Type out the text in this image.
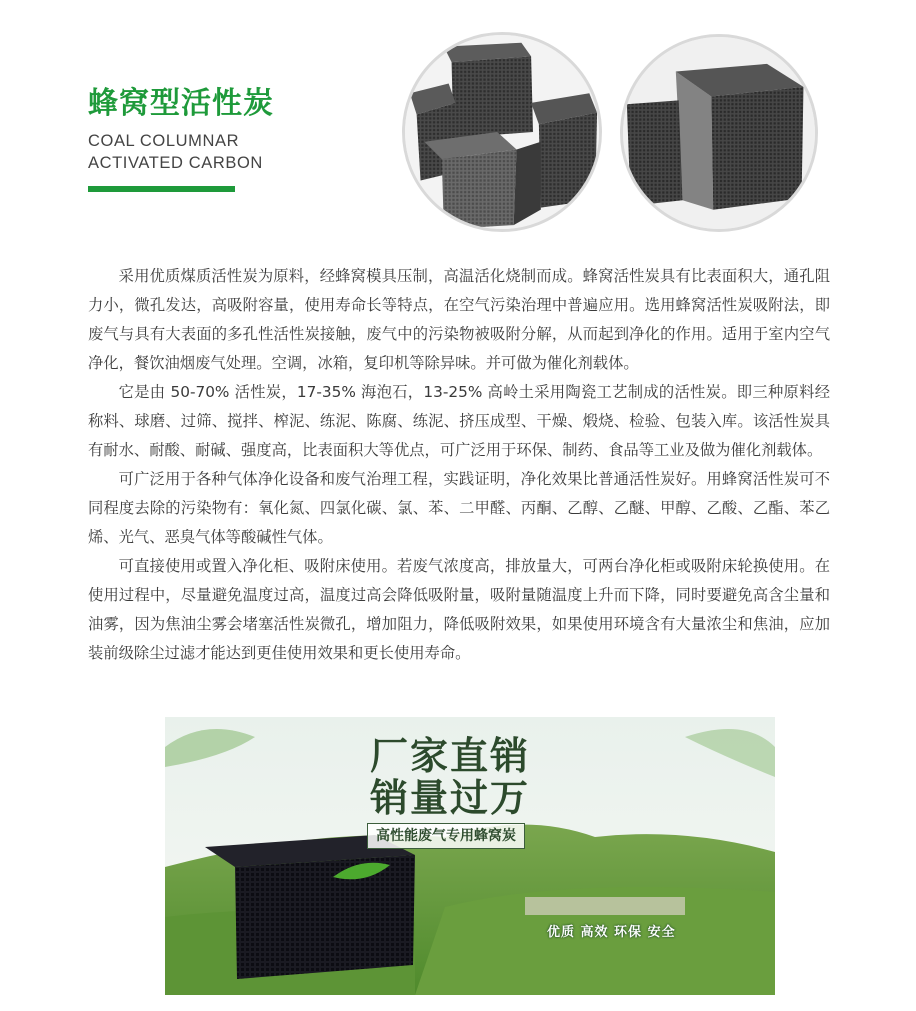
蜂窝型活性炭
COAL COLUMNAR
ACTIVATED CARBON

采用优质煤质活性炭为原料，经蜂窝模具压制，高温活化烧制而成。蜂窝活性炭具有比表面积大，通孔阻力小，微孔发达，高吸附容量，使用寿命长等特点，在空气污染治理中普遍应用。选用蜂窝活性炭吸附法，即废气与具有大表面的多孔性活性炭接触，废气中的污染物被吸附分解，从而起到净化的作用。适用于室内空气净化，餐饮油烟废气处理。空调，冰箱，复印机等除异味。并可做为催化剂载体。

它是由 50-70% 活性炭，17-35% 海泡石，13-25% 高岭土采用陶瓷工艺制成的活性炭。即三种原料经称料、球磨、过筛、搅拌、榨泥、练泥、陈腐、练泥、挤压成型、干燥、煅烧、检验、包装入库。该活性炭具有耐水、耐酸、耐碱、强度高，比表面积大等优点，可广泛用于环保、制药、食品等工业及做为催化剂载体。

可广泛用于各种气体净化设备和废气治理工程，实践证明，净化效果比普通活性炭好。用蜂窝活性炭可不同程度去除的污染物有：氧化氮、四氯化碳、氯、苯、二甲醛、丙酮、乙醇、乙醚、甲醇、乙酸、乙酯、苯乙烯、光气、恶臭气体等酸碱性气体。

可直接使用或置入净化柜、吸附床使用。若废气浓度高，排放量大，可两台净化柜或吸附床轮换使用。在使用过程中，尽量避免温度过高，温度过高会降低吸附量，吸附量随温度上升而下降，同时要避免高含尘量和油雾，因为焦油尘雾会堵塞活性炭微孔，增加阻力，降低吸附效果，如果使用环境含有大量浓尘和焦油，应加装前级除尘过滤才能达到更佳使用效果和更长使用寿命。

厂家直销
销量过万
高性能废气专用蜂窝炭
优质 高效 环保 安全
